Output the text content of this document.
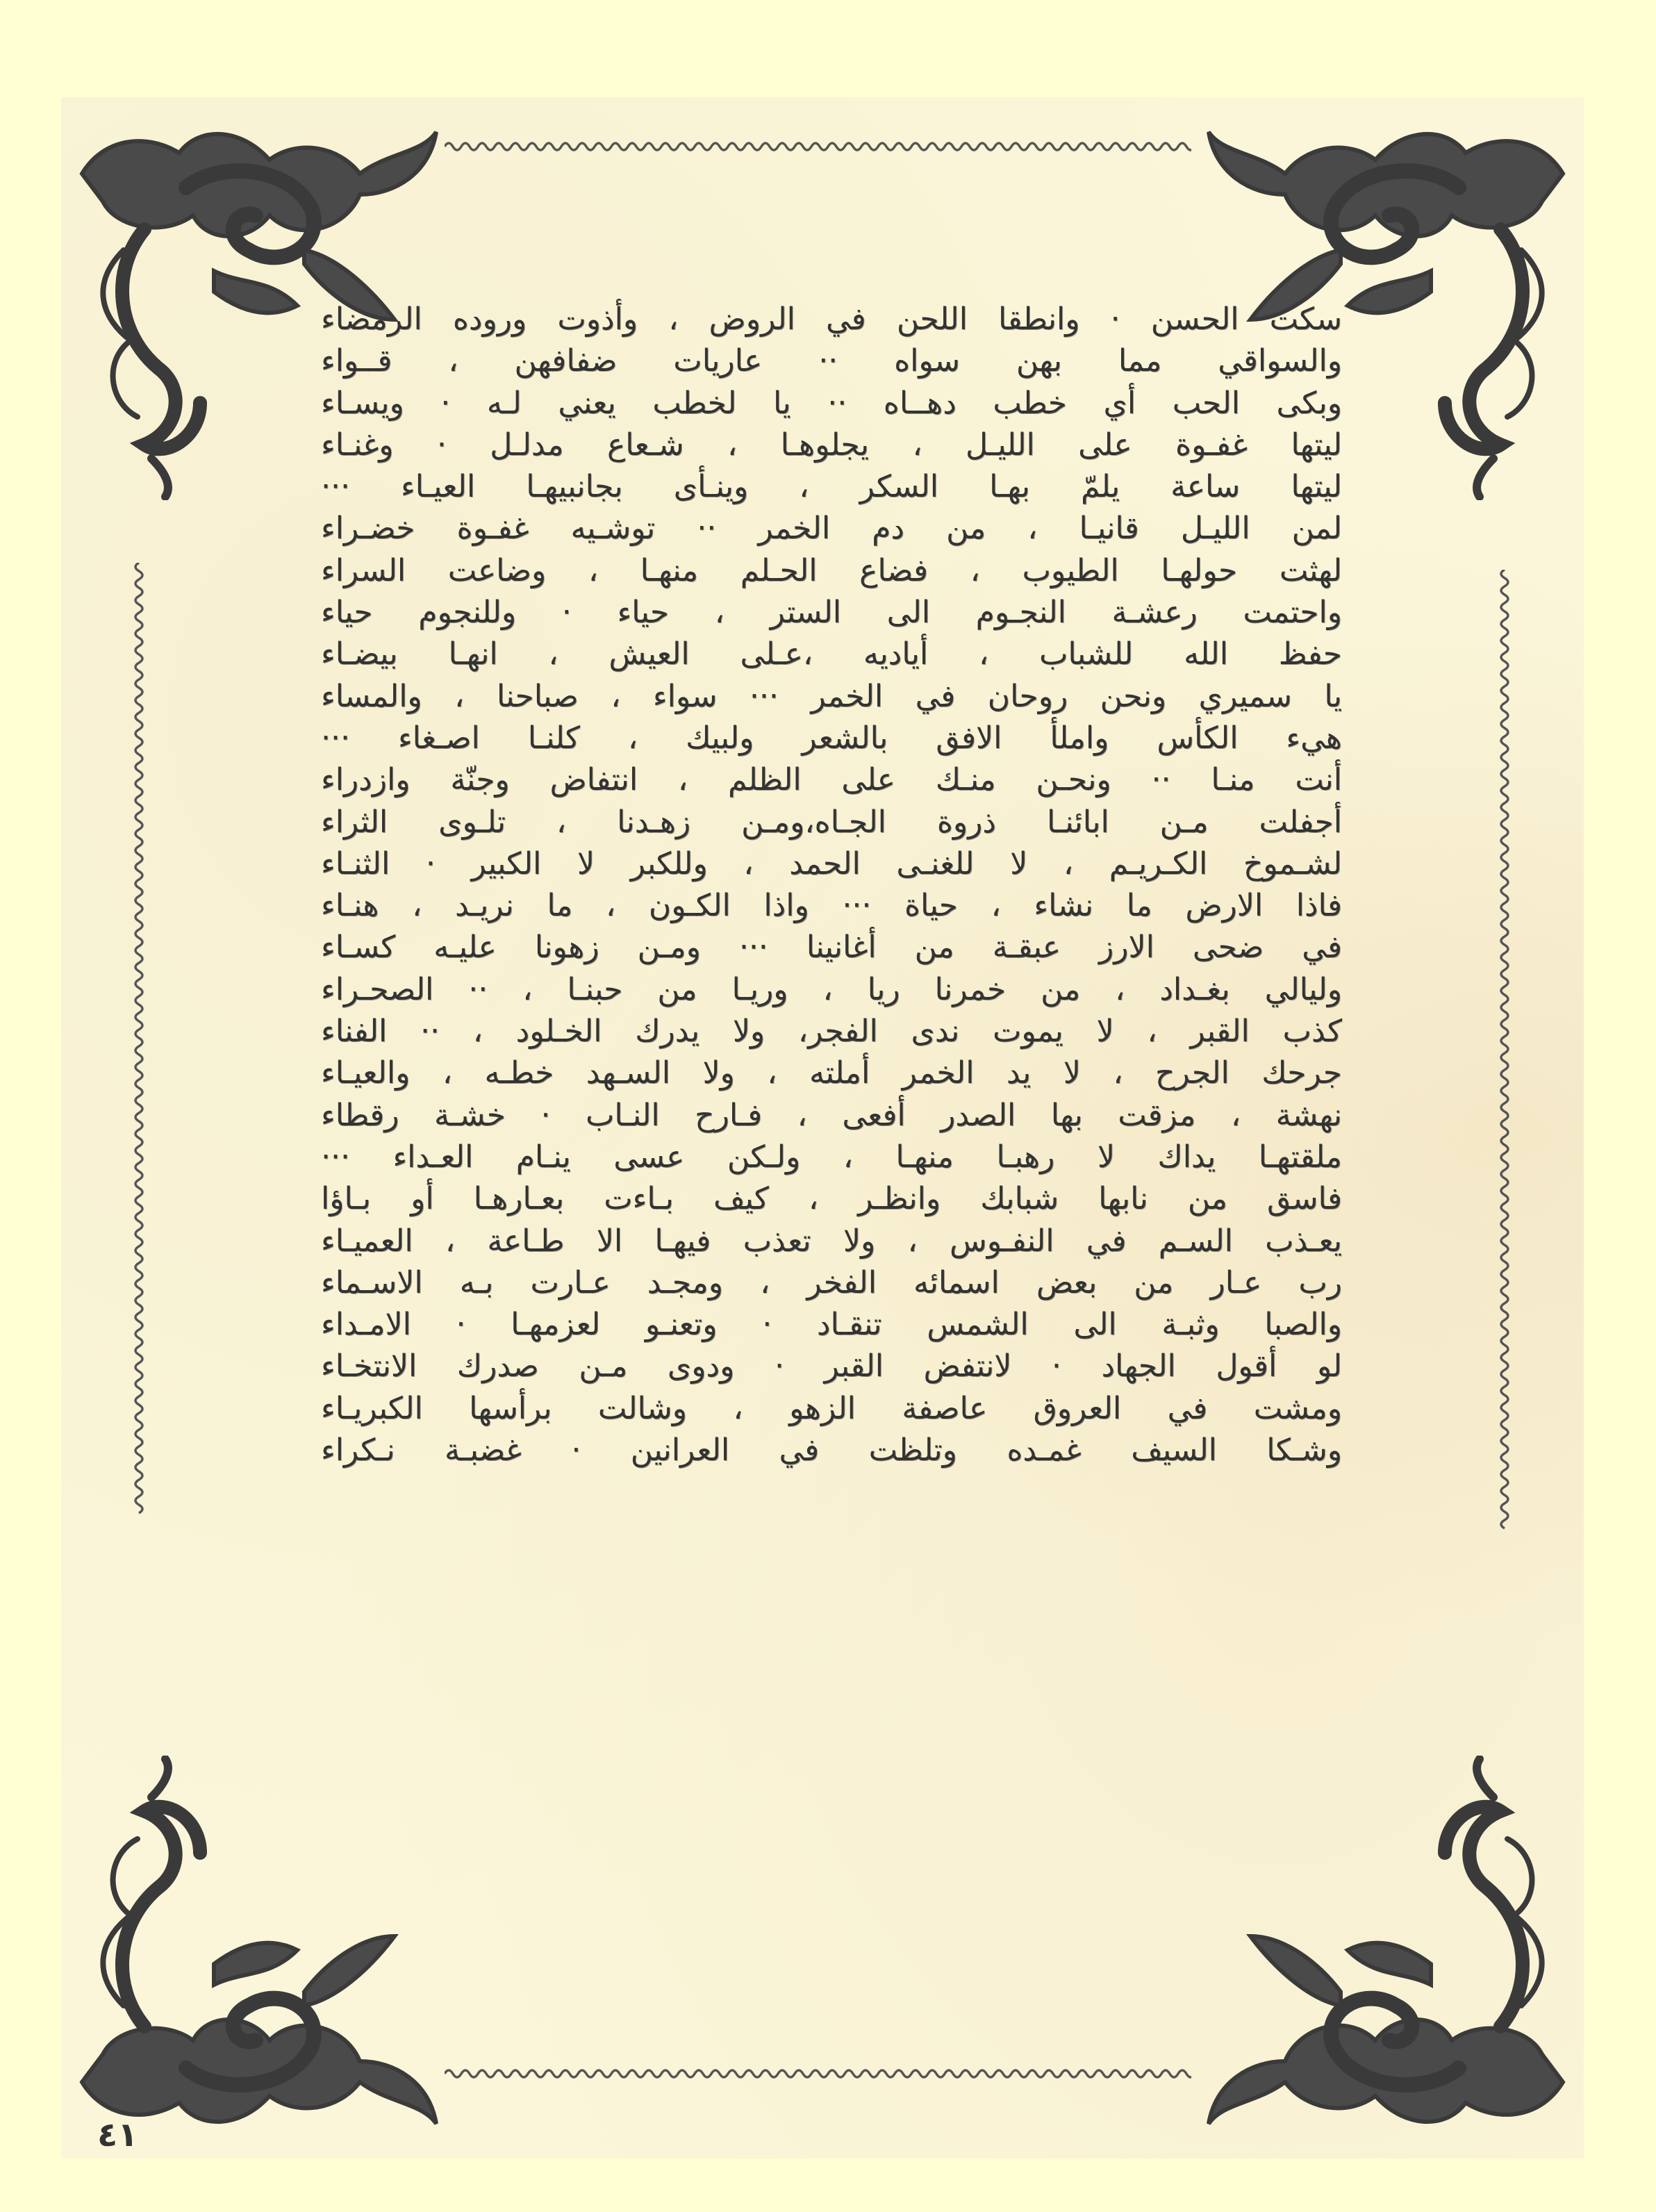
سكت الحسن · وانطقا اللحن في الروض ، وأذوت وروده الرمضاء
والسواقي مما بهن سواه ·· عاريات ضفافهن ، قــواء
وبكى الحب أي خطب دهــاه ·· يا لخطب يعني لـه · ويسـاء
ليتها غفـوة على الليـل ، يجلوهـا ، شـعاع مدلـل · وغنـاء
ليتها ساعة يلمّ بهـا السكر ، وينـأى بجانبيهـا العيـاء ···
لمن الليـل قانيـا ، من دم الخمر ·· توشـيه غفـوة خضـراء
لهثت حولهـا الطيوب ، فضاع الحـلم منهـا ، وضاعت السراء
واحتمت رعشـة النجـوم الى الستر ، حياء · وللنجوم حياء
حفظ الله للشباب ، أياديه ،عـلى العيش ، انهـا بيضـاء
يا سميري ونحن روحان في الخمر ··· سواء ، صباحنا ، والمساء
هيء الكأس واملأ الافق بالشعر ولبيك ، كلنـا اصـغاء ···
أنت منـا ·· ونحـن منـك على الظلم ، انتفاض وجنّة وازدراء
أجفلت مـن ابائنـا ذروة الجـاه،ومـن زهـدنا ، تلـوى الثراء
لشـموخ الكـريـم ، لا للغنـى الحمد ، وللكبر لا الكبير · الثنـاء
فاذا الارض ما نشاء ، حياة ··· واذا الكـون ، ما نريـد ، هنـاء
في ضحى الارز عبقـة من أغانينا ··· ومـن زهونا عليـه كسـاء
وليالي بغـداد ، من خمرنا ريا ، وريـا من حبنـا ، ·· الصحـراء
كذب القبر ، لا يموت ندى الفجر، ولا يدرك الخـلود ، ·· الفناء
جرحك الجرح ، لا يد الخمر أملته ، ولا السـهد خطـه ، والعيـاء
نهشة ، مزقت بها الصدر أفعى ، فـارح النـاب · خشـة رقطاء
ملقتهـا يداك لا رهبـا منهـا ، ولـكن عسى ينـام العـداء ···
فاسق من نابها شبابك وانظـر ، كيف بـاءت بعـارهـا أو بـاؤا
يعـذب السـم في النفـوس ، ولا تعذب فيهـا الا طـاعة ، العميـاء
رب عـار من بعض اسمائه الفخر ، ومجـد عـارت بـه الاسـماء
والصبا وثبـة الى الشمس تنقـاد · وتعنـو لعزمهـا · الامـداء
لو أقول الجهاد · لانتفض القبر · ودوى مـن صدرك الانتخـاء
ومشت في العروق عاصفة الزهو ، وشالت برأسها الكبريـاء
وشـكا السيف غمـده وتلظت في العرانين · غضبـة نـكراء
٤١
